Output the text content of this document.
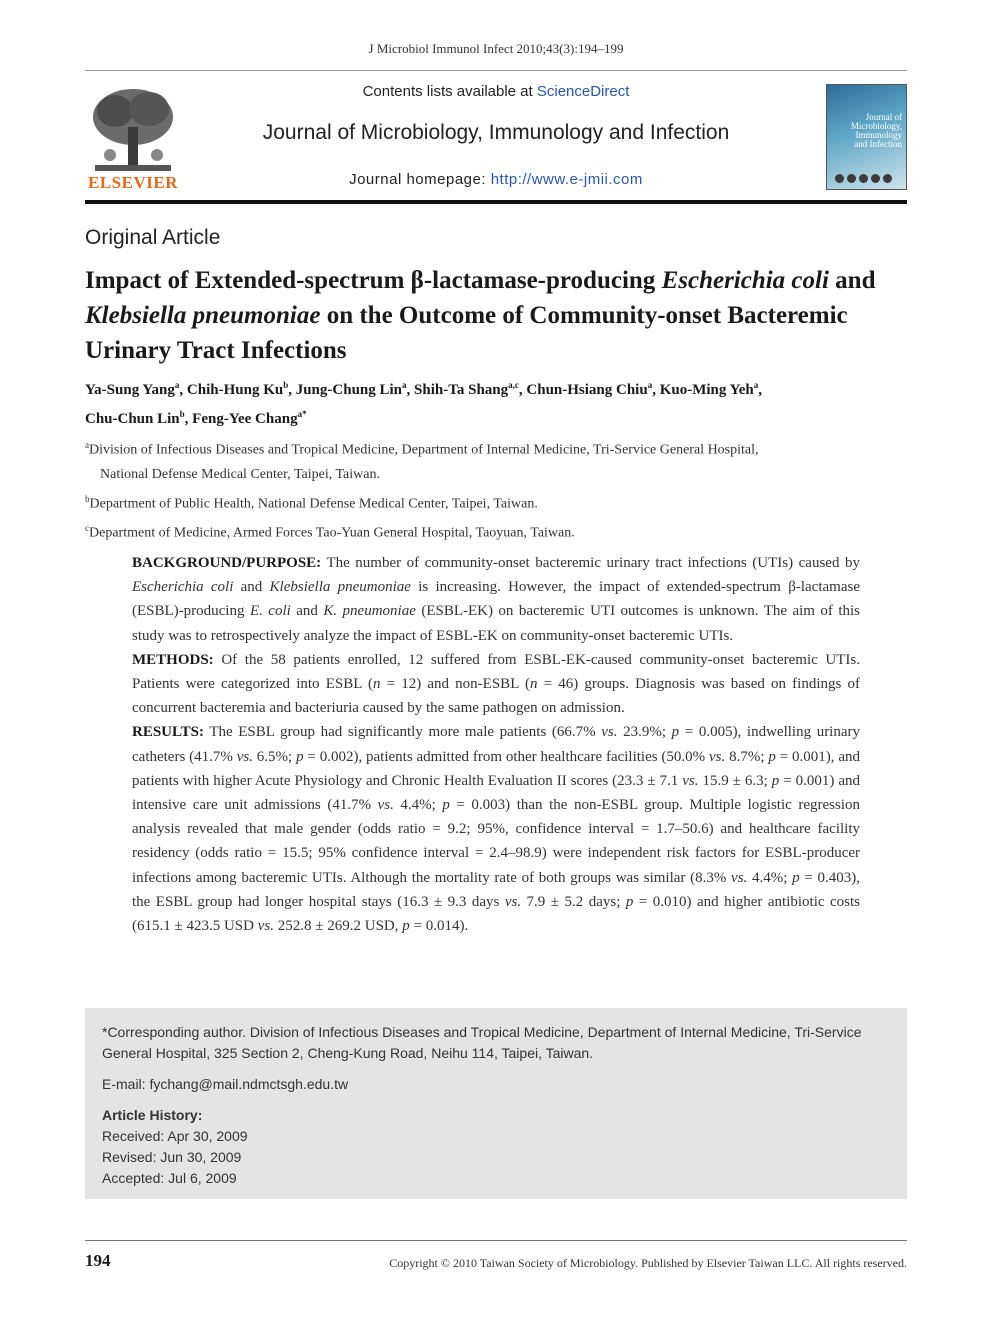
J Microbiol Immunol Infect 2010;43(3):194–199
ELSEVIER
Contents lists available at ScienceDirect
Journal of Microbiology, Immunology and Infection
Journal homepage: http://www.e-jmii.com
Journal of
Microbiology,
Immunology
and Infection
Original Article
Impact of Extended-spectrum β-lactamase-producing Escherichia coli and Klebsiella pneumoniae on the Outcome of Community-onset Bacteremic Urinary Tract Infections
Ya-Sung Yang$^a$, Chih-Hung Ku$^b$, Jung-Chung Lin$^a$, Shih-Ta Shang$^{a,c}$, Chun-Hsiang Chiu$^a$, Kuo-Ming Yeh$^a$,
Chu-Chun Lin$^b$, Feng-Yee Chang$^{a*}$
$^a$Division of Infectious Diseases and Tropical Medicine, Department of Internal Medicine, Tri-Service General Hospital,
National Defense Medical Center, Taipei, Taiwan.
$^b$Department of Public Health, National Defense Medical Center, Taipei, Taiwan.
$^c$Department of Medicine, Armed Forces Tao-Yuan General Hospital, Taoyuan, Taiwan.

BACKGROUND/PURPOSE: The number of community-onset bacteremic urinary tract infections (UTIs) caused by Escherichia coli and Klebsiella pneumoniae is increasing. However, the impact of extended-spectrum β-lactamase (ESBL)-producing E. coli and K. pneumoniae (ESBL-EK) on bacteremic UTI outcomes is unknown. The aim of this study was to retrospectively analyze the impact of ESBL-EK on community-onset bacteremic UTIs.

METHODS: Of the 58 patients enrolled, 12 suffered from ESBL-EK-caused community-onset bacteremic UTIs. Patients were categorized into ESBL (n = 12) and non-ESBL (n = 46) groups. Diagnosis was based on findings of concurrent bacteremia and bacteriuria caused by the same pathogen on admission.

RESULTS: The ESBL group had significantly more male patients (66.7% vs. 23.9%; p = 0.005), indwelling urinary catheters (41.7% vs. 6.5%; p = 0.002), patients admitted from other healthcare facilities (50.0% vs. 8.7%; p = 0.001), and patients with higher Acute Physiology and Chronic Health Evaluation II scores (23.3 ± 7.1 vs. 15.9 ± 6.3; p = 0.001) and intensive care unit admissions (41.7% vs. 4.4%; p = 0.003) than the non-ESBL group. Multiple logistic regression analysis revealed that male gender (odds ratio = 9.2; 95%, confidence interval = 1.7–50.6) and healthcare facility residency (odds ratio = 15.5; 95% confidence interval = 2.4–98.9) were independent risk factors for ESBL-producer infections among bacteremic UTIs. Although the mortality rate of both groups was similar (8.3% vs. 4.4%; p = 0.403), the ESBL group had longer hospital stays (16.3 ± 9.3 days vs. 7.9 ± 5.2 days; p = 0.010) and higher antibiotic costs (615.1 ± 423.5 USD vs. 252.8 ± 269.2 USD, p = 0.014).

*Corresponding author. Division of Infectious Diseases and Tropical Medicine, Department of Internal Medicine, Tri-Service General Hospital, 325 Section 2, Cheng-Kung Road, Neihu 114, Taipei, Taiwan.
E-mail: fychang@mail.ndmctsgh.edu.tw
Article History:
Received: Apr 30, 2009
Revised: Jun 30, 2009
Accepted: Jul 6, 2009
194	Copyright © 2010 Taiwan Society of Microbiology. Published by Elsevier Taiwan LLC. All rights reserved.
